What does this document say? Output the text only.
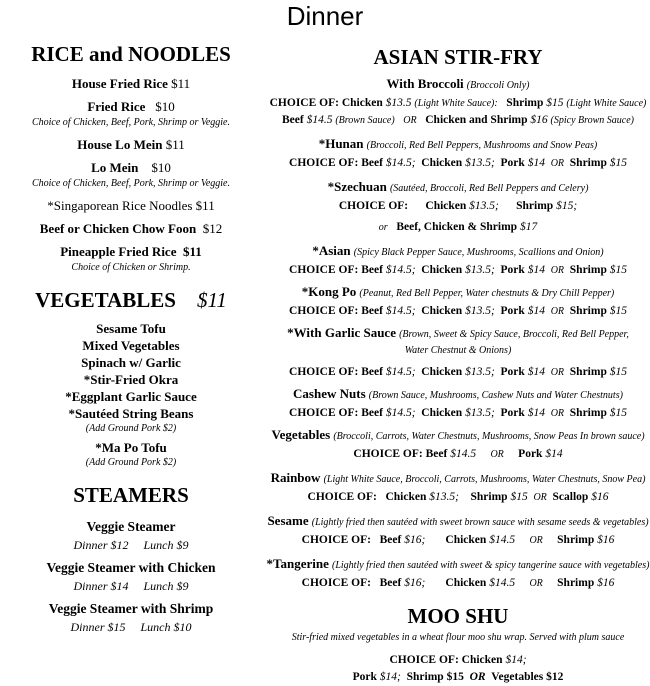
Dinner
RICE and NOODLES
House Fried Rice $11
Fried Rice $10
Choice of Chicken, Beef, Pork, Shrimp or Veggie.
House Lo Mein $11
Lo Mein $10
Choice of Chicken, Beef, Pork, Shrimp or Veggie.
*Singaporean Rice Noodles $11
Beef or Chicken Chow Foon $12
Pineapple Fried Rice $11
Choice of Chicken or Shrimp.
VEGETABLES $11
Sesame Tofu
Mixed Vegetables
Spinach w/ Garlic
*Stir-Fried Okra
*Eggplant Garlic Sauce
*Sautéed String Beans
(Add Ground Pork $2)
*Ma Po Tofu
(Add Ground Pork $2)
STEAMERS
Veggie Steamer
Dinner $12 Lunch $9
Veggie Steamer with Chicken
Dinner $14 Lunch $9
Veggie Steamer with Shrimp
Dinner $15 Lunch $10
ASIAN STIR-FRY
With Broccoli (Broccoli Only)
CHOICE OF: Chicken $13.5 (Light White Sauce): Shrimp $15 (Light White Sauce)
Beef $14.5 (Brown Sauce) OR Chicken and Shrimp $16 (Spicy Brown Sauce)
*Hunan (Broccoli, Red Bell Peppers, Mushrooms and Snow Peas)
CHOICE OF: Beef $14.5; Chicken $13.5; Pork $14 OR Shrimp $15
*Szechuan (Sautéed, Broccoli, Red Bell Peppers and Celery)
CHOICE OF: Chicken $13.5; Shrimp $15;
or Beef, Chicken & Shrimp $17
*Asian (Spicy Black Pepper Sauce, Mushrooms, Scallions and Onion)
CHOICE OF: Beef $14.5; Chicken $13.5; Pork $14 OR Shrimp $15
*Kong Po (Peanut, Red Bell Pepper, Water chestnuts & Dry Chill Pepper)
CHOICE OF: Beef $14.5; Chicken $13.5; Pork $14 OR Shrimp $15
*With Garlic Sauce (Brown, Sweet & Spicy Sauce, Broccoli, Red Bell Pepper,
Water Chestnut & Onions)
CHOICE OF: Beef $14.5; Chicken $13.5; Pork $14 OR Shrimp $15
Cashew Nuts (Brown Sauce, Mushrooms, Cashew Nuts and Water Chestnuts)
CHOICE OF: Beef $14.5; Chicken $13.5; Pork $14 OR Shrimp $15
Vegetables (Broccoli, Carrots, Water Chestnuts, Mushrooms, Snow Peas In brown sauce)
CHOICE OF: Beef $14.5 OR Pork $14
Rainbow (Light White Sauce, Broccoli, Carrots, Mushrooms, Water Chestnuts, Snow Pea)
CHOICE OF: Chicken $13.5; Shrimp $15 OR Scallop $16
Sesame (Lightly fried then sautéed with sweet brown sauce with sesame seeds & vegetables)
CHOICE OF: Beef $16; Chicken $14.5 OR Shrimp $16
*Tangerine (Lightly fried then sautéed with sweet & spicy tangerine sauce with vegetables)
CHOICE OF: Beef $16; Chicken $14.5 OR Shrimp $16
MOO SHU
Stir-fried mixed vegetables in a wheat flour moo shu wrap. Served with plum sauce
CHOICE OF: Chicken $14;
Pork $14; Shrimp $15 OR Vegetables $12
